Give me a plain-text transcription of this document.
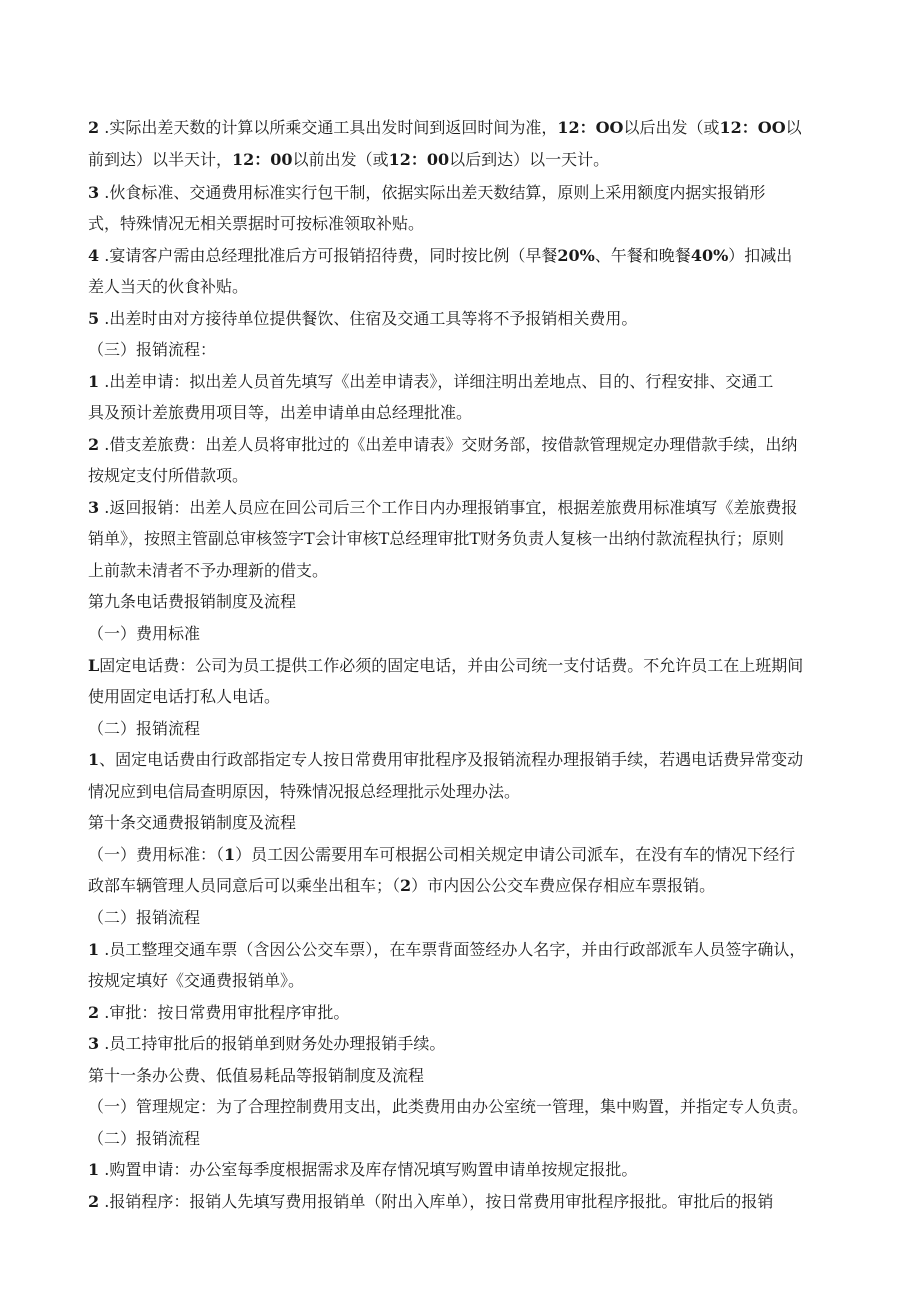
2 .实际出差天数的计算以所乘交通工具出发时间到返回时间为准，12：OO以后出发（或12：OO以
前到达）以半天计，12：00以前出发（或12：00以后到达）以一天计。
3 .伙食标准、交通费用标准实行包干制，依据实际出差天数结算，原则上采用额度内据实报销形
式，特殊情况无相关票据时可按标准领取补贴。
4 .宴请客户需由总经理批准后方可报销招待费，同时按比例（早餐20%、午餐和晚餐40%）扣减出
差人当天的伙食补贴。
5 .出差时由对方接待单位提供餐饮、住宿及交通工具等将不予报销相关费用。
（三）报销流程：
1 .出差申请：拟出差人员首先填写《出差申请表》，详细注明出差地点、目的、行程安排、交通工
具及预计差旅费用项目等，出差申请单由总经理批准。
2 .借支差旅费：出差人员将审批过的《出差申请表》交财务部，按借款管理规定办理借款手续，出纳
按规定支付所借款项。
3 .返回报销：出差人员应在回公司后三个工作日内办理报销事宜，根据差旅费用标准填写《差旅费报
销单》，按照主管副总审核签字T会计审核T总经理审批T财务负责人复核一出纳付款流程执行；原则
上前款未清者不予办理新的借支。
第九条电话费报销制度及流程
（一）费用标准
L固定电话费：公司为员工提供工作必须的固定电话，并由公司统一支付话费。不允许员工在上班期间
使用固定电话打私人电话。
（二）报销流程
1、固定电话费由行政部指定专人按日常费用审批程序及报销流程办理报销手续，若遇电话费异常变动
情况应到电信局查明原因，特殊情况报总经理批示处理办法。
第十条交通费报销制度及流程
（一）费用标准：（1）员工因公需要用车可根据公司相关规定申请公司派车，在没有车的情况下经行
政部车辆管理人员同意后可以乘坐出租车；（2）市内因公公交车费应保存相应车票报销。
（二）报销流程
1 .员工整理交通车票（含因公公交车票），在车票背面签经办人名字，并由行政部派车人员签字确认，
按规定填好《交通费报销单》。
2 .审批：按日常费用审批程序审批。
3 .员工持审批后的报销单到财务处办理报销手续。
第十一条办公费、低值易耗品等报销制度及流程
（一）管理规定：为了合理控制费用支出，此类费用由办公室统一管理，集中购置，并指定专人负责。
（二）报销流程
1 .购置申请：办公室每季度根据需求及库存情况填写购置申请单按规定报批。
2 .报销程序：报销人先填写费用报销单（附出入库单），按日常费用审批程序报批。审批后的报销
